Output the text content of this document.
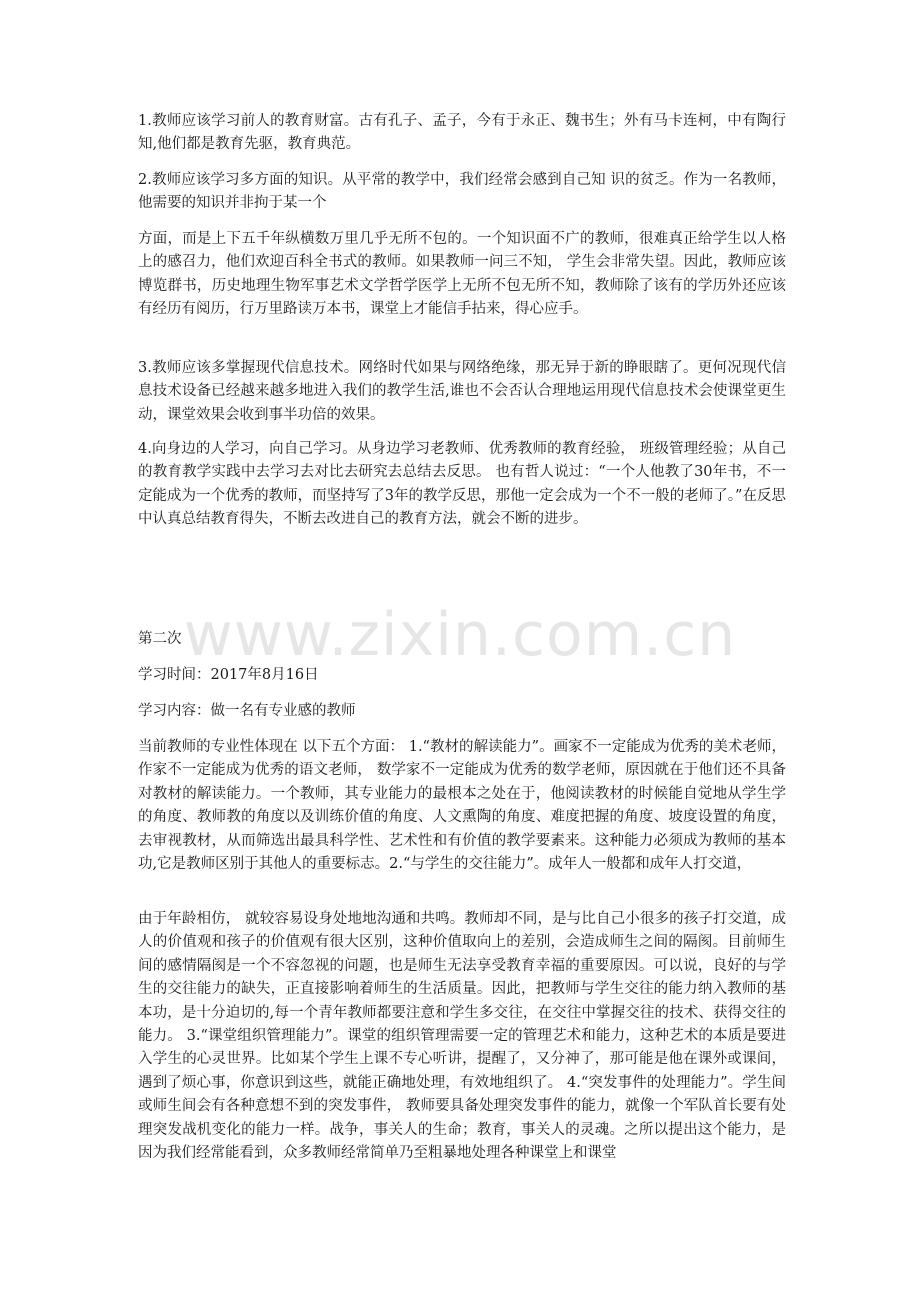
www.zixin.com.cn

1.教师应该学习前人的教育财富。古有孔子、孟子，今有于永正、魏书生；外有马卡连柯，中有陶行知,他们都是教育先驱，教育典范。

2.教师应该学习多方面的知识。从平常的教学中，我们经常会感到自己知 识的贫乏。作为一名教师，他需要的知识并非拘于某一个

方面，而是上下五千年纵横数万里几乎无所不包的。一个知识面不广的教师，很难真正给学生以人格上的感召力，他们欢迎百科全书式的教师。如果教师一问三不知， 学生会非常失望。因此，教师应该博览群书，历史地理生物军事艺术文学哲学医学上无所不包无所不知，教师除了该有的学历外还应该有经历有阅历，行万里路读万本书，课堂上才能信手拈来，得心应手。

3.教师应该多掌握现代信息技术。网络时代如果与网络绝缘，那无异于新的睁眼瞎了。更何况现代信息技术设备已经越来越多地进入我们的教学生活,谁也不会否认合理地运用现代信息技术会使课堂更生动，课堂效果会收到事半功倍的效果。

4.向身边的人学习，向自己学习。从身边学习老教师、优秀教师的教育经验， 班级管理经验；从自己的教育教学实践中去学习去对比去研究去总结去反思。 也有哲人说过：“一个人他教了30年书，不一定能成为一个优秀的教师，而坚持写了3年的教学反思，那他一定会成为一个不一般的老师了。”在反思中认真总结教育得失，不断去改进自己的教育方法，就会不断的进步。

第二次

学习时间：2017年8月16日

学习内容：做一名有专业感的教师

当前教师的专业性体现在 以下五个方面： 1.“教材的解读能力”。画家不一定能成为优秀的美术老师，作家不一定能成为优秀的语文老师， 数学家不一定能成为优秀的数学老师，原因就在于他们还不具备对教材的解读能力。一个教师，其专业能力的最根本之处在于，他阅读教材的时候能自觉地从学生学的角度、教师教的角度以及训练价值的角度、人文熏陶的角度、难度把握的角度、坡度设置的角度，去审视教材，从而筛选出最具科学性、艺术性和有价值的教学要素来。这种能力必须成为教师的基本功,它是教师区别于其他人的重要标志。2.“与学生的交往能力”。成年人一般都和成年人打交道，

由于年龄相仿， 就较容易设身处地地沟通和共鸣。教师却不同，是与比自己小很多的孩子打交道，成人的价值观和孩子的价值观有很大区别，这种价值取向上的差别，会造成师生之间的隔阂。目前师生间的感情隔阂是一个不容忽视的问题，也是师生无法享受教育幸福的重要原因。可以说，良好的与学生的交往能力的缺失，正直接影响着师生的生活质量。因此，把教师与学生交往的能力纳入教师的基本功，是十分迫切的,每一个青年教师都要注意和学生多交往，在交往中掌握交往的技术、获得交往的能力。 3.“课堂组织管理能力”。课堂的组织管理需要一定的管理艺术和能力，这种艺术的本质是要进入学生的心灵世界。比如某个学生上课不专心听讲，提醒了，又分神了，那可能是他在课外或课间，遇到了烦心事，你意识到这些，就能正确地处理，有效地组织了。 4.“突发事件的处理能力”。学生间或师生间会有各种意想不到的突发事件， 教师要具备处理突发事件的能力，就像一个军队首长要有处理突发战机变化的能力一样。战争，事关人的生命；教育，事关人的灵魂。之所以提出这个能力，是因为我们经常能看到，众多教师经常简单乃至粗暴地处理各种课堂上和课堂
